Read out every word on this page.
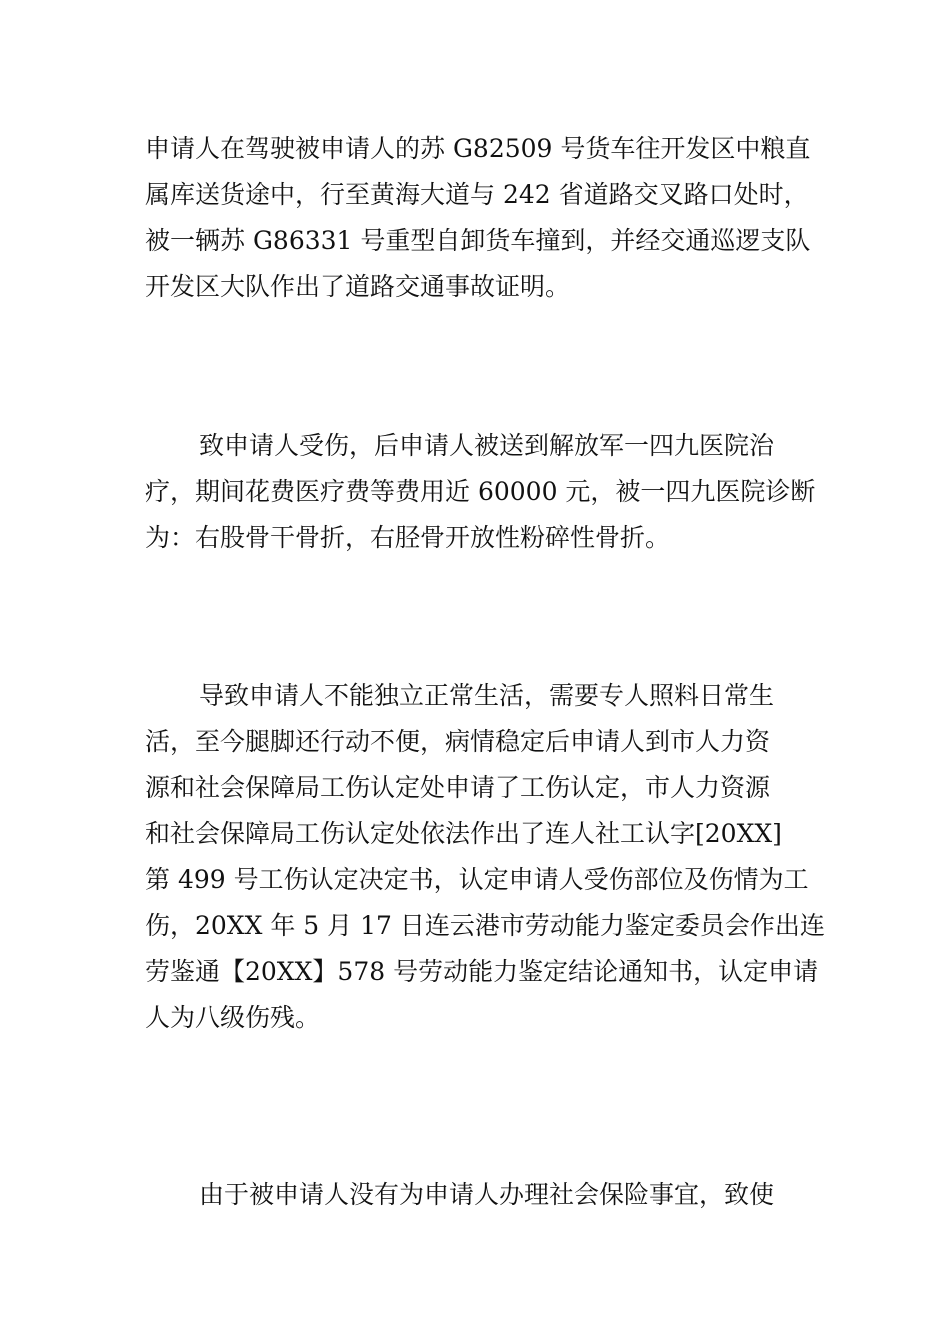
申请人在驾驶被申请人的苏 G82509 号货车往开发区中粮直
属库送货途中，行至黄海大道与 242 省道路交叉路口处时，
被一辆苏 G86331 号重型自卸货车撞到，并经交通巡逻支队
开发区大队作出了道路交通事故证明。

致申请人受伤，后申请人被送到解放军一四九医院治
疗，期间花费医疗费等费用近 60000 元，被一四九医院诊断
为：右股骨干骨折，右胫骨开放性粉碎性骨折。

导致申请人不能独立正常生活，需要专人照料日常生
活，至今腿脚还行动不便，病情稳定后申请人到市人力资
源和社会保障局工伤认定处申请了工伤认定，市人力资源
和社会保障局工伤认定处依法作出了连人社工认字[20XX]
第 499 号工伤认定决定书，认定申请人受伤部位及伤情为工
伤，20XX 年 5 月 17 日连云港市劳动能力鉴定委员会作出连
劳鉴通【20XX】578 号劳动能力鉴定结论通知书，认定申请
人为八级伤残。

由于被申请人没有为申请人办理社会保险事宜，致使
